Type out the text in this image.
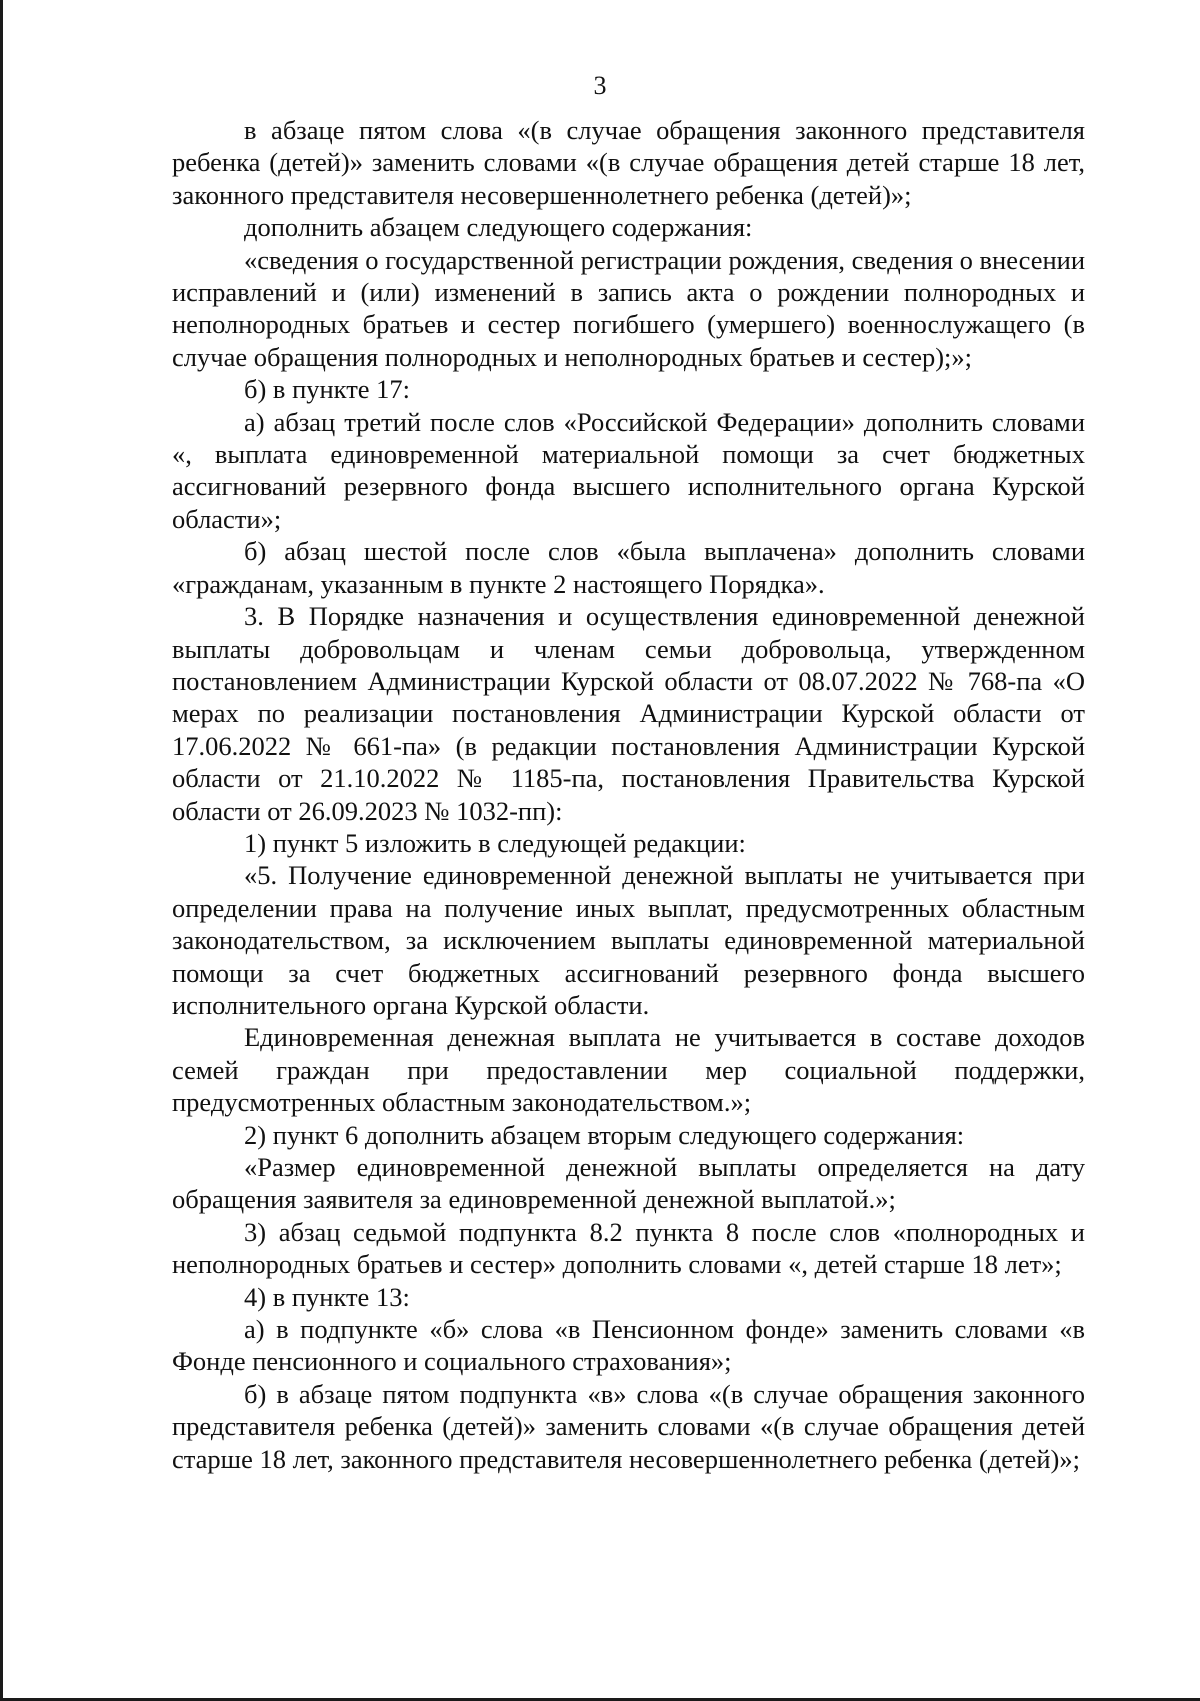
3

в абзаце пятом слова «(в случае обращения законного представителя ребенка (детей)» заменить словами «(в случае обращения детей старше 18 лет, законного представителя несовершеннолетнего ребенка (детей)»;

дополнить абзацем следующего содержания:

«сведения о государственной регистрации рождения, сведения о внесении исправлений и (или) изменений в запись акта о рождении полнородных и неполнородных братьев и сестер погибшего (умершего) военнослужащего (в случае обращения полнородных и неполнородных братьев и сестер);»;

б) в пункте 17:

а) абзац третий после слов «Российской Федерации» дополнить словами «, выплата единовременной материальной помощи за счет бюджетных ассигнований резервного фонда высшего исполнительного органа Курской области»;

б) абзац шестой после слов «была выплачена» дополнить словами «гражданам, указанным в пункте 2 настоящего Порядка».

3. В Порядке назначения и осуществления единовременной денежной выплаты добровольцам и членам семьи добровольца, утвержденном постановлением Администрации Курской области от 08.07.2022 № 768-па «О мерах по реализации постановления Администрации Курской области от 17.06.2022 № 661-па» (в редакции постановления Администрации Курской области от 21.10.2022 № 1185-па, постановления Правительства Курской области от 26.09.2023 № 1032-пп):

1) пункт 5 изложить в следующей редакции:

«5. Получение единовременной денежной выплаты не учитывается при определении права на получение иных выплат, предусмотренных областным законодательством, за исключением выплаты единовременной материальной помощи за счет бюджетных ассигнований резервного фонда высшего исполнительного органа Курской области.

Единовременная денежная выплата не учитывается в составе доходов семей граждан при предоставлении мер социальной поддержки, предусмотренных областным законодательством.»;

2) пункт 6 дополнить абзацем вторым следующего содержания:

«Размер единовременной денежной выплаты определяется на дату обращения заявителя за единовременной денежной выплатой.»;

3) абзац седьмой подпункта 8.2 пункта 8 после слов «полнородных и неполнородных братьев и сестер» дополнить словами «, детей старше 18 лет»;

4) в пункте 13:

а) в подпункте «б» слова «в Пенсионном фонде» заменить словами «в Фонде пенсионного и социального страхования»;

б) в абзаце пятом подпункта «в» слова «(в случае обращения законного представителя ребенка (детей)» заменить словами «(в случае обращения детей старше 18 лет, законного представителя несовершеннолетнего ребенка (детей)»;
